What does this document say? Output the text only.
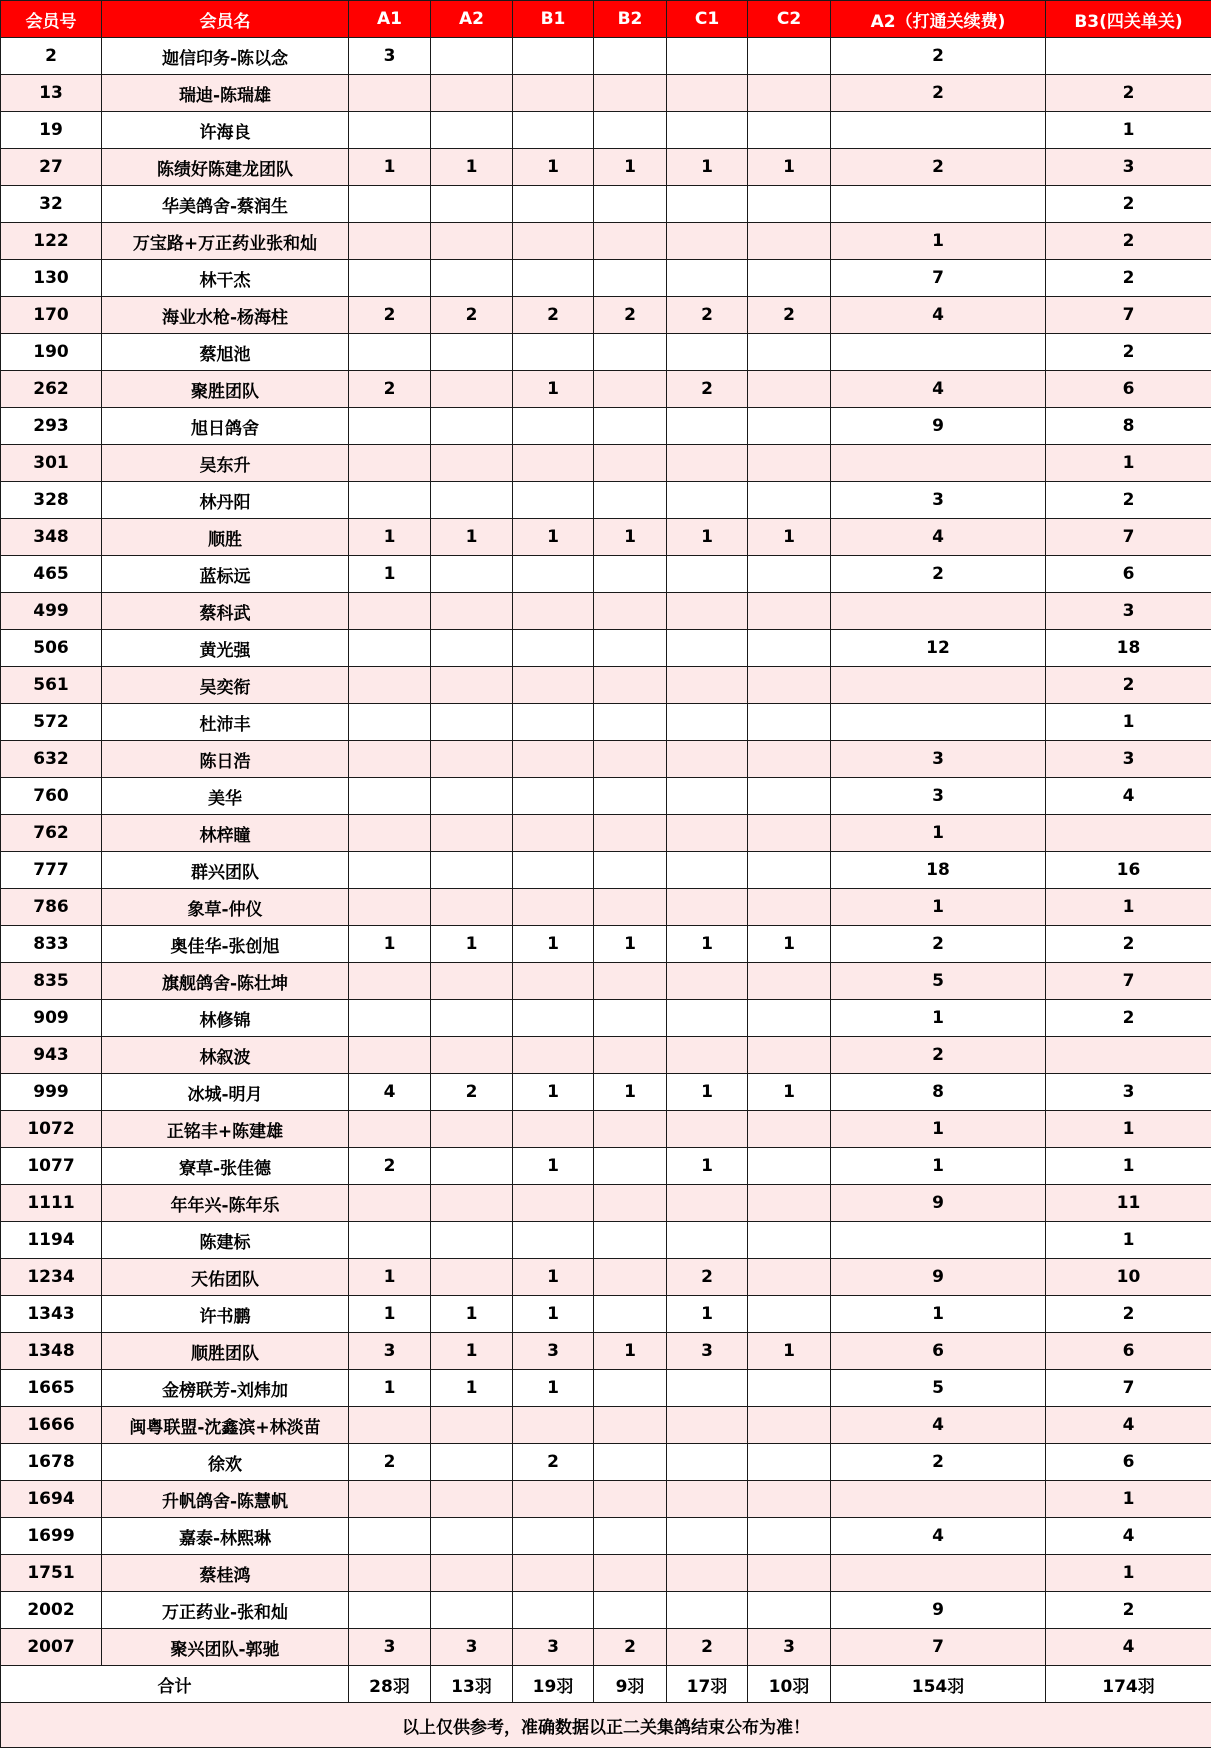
会员号	会员名	A1	A2	B1	B2	C1	C2	A2（打通关续费)	B3(四关单关)
2	迦信印务-陈以念	3						2	
13	瑞迪-陈瑞雄							2	2
19	许海良								1
27	陈绩好陈建龙团队	1	1	1	1	1	1	2	3
32	华美鸽舍-蔡润生								2
122	万宝路+万正药业张和灿							1	2
130	林干杰							7	2
170	海业水枪-杨海柱	2	2	2	2	2	2	4	7
190	蔡旭池								2
262	聚胜团队	2		1		2		4	6
293	旭日鸽舍							9	8
301	吴东升								1
328	林丹阳							3	2
348	顺胜	1	1	1	1	1	1	4	7
465	蓝标远	1						2	6
499	蔡科武								3
506	黄光强							12	18
561	吴奕衔								2
572	杜沛丰								1
632	陈日浩							3	3
760	美华							3	4
762	林梓瞳							1	
777	群兴团队							18	16
786	象草-仲仪							1	1
833	奥佳华-张创旭	1	1	1	1	1	1	2	2
835	旗舰鸽舍-陈壮坤							5	7
909	林修锦							1	2
943	林叙波							2	
999	冰城-明月	4	2	1	1	1	1	8	3
1072	正铭丰+陈建雄							1	1
1077	寮草-张佳德	2		1		1		1	1
1111	年年兴-陈年乐							9	11
1194	陈建标								1
1234	天佑团队	1		1		2		9	10
1343	许书鹏	1	1	1		1		1	2
1348	顺胜团队	3	1	3	1	3	1	6	6
1665	金榜联芳-刘炜加	1	1	1				5	7
1666	闽粤联盟-沈鑫滨+林淡苗							4	4
1678	徐欢	2		2				2	6
1694	升帆鸽舍-陈慧帆								1
1699	嘉泰-林熙琳							4	4
1751	蔡桂鸿								1
2002	万正药业-张和灿							9	2
2007	聚兴团队-郭驰	3	3	3	2	2	3	7	4
合计		28羽	13羽	19羽	9羽	17羽	10羽	154羽	174羽
以上仅供参考，准确数据以正二关集鸽结束公布为准！									
